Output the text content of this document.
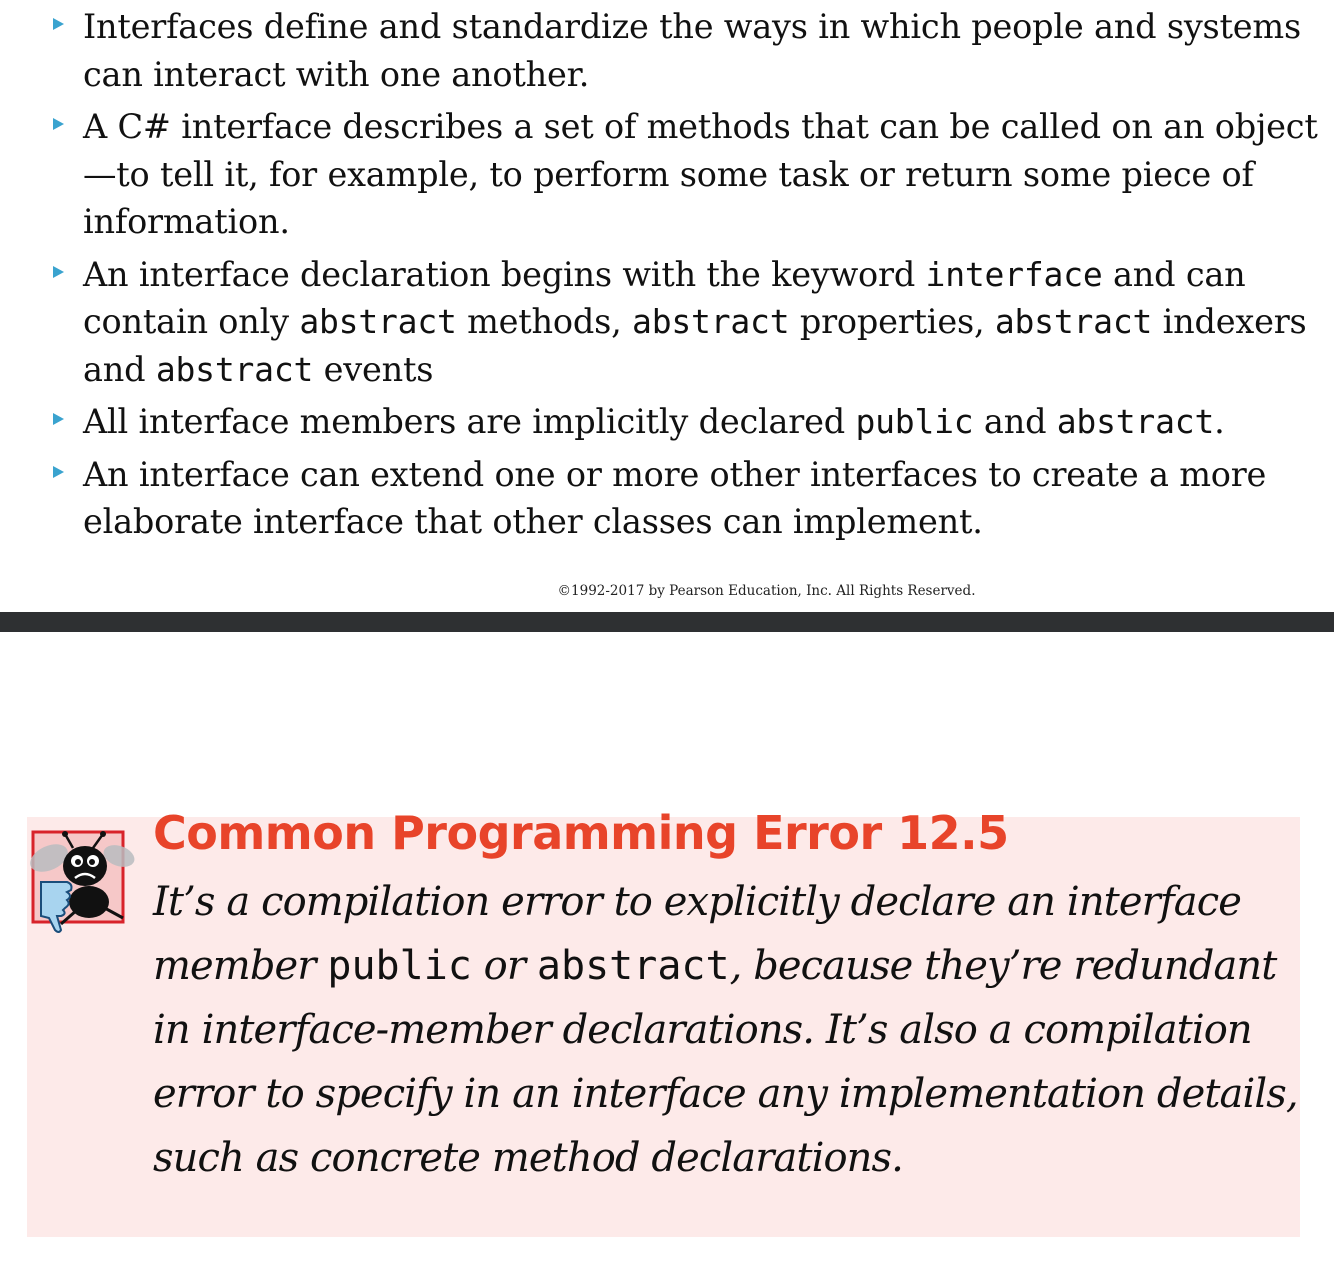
Interfaces define and standardize the ways in which people and systems can interact with one another.
A C# interface describes a set of methods that can be called on an object—to tell it, for example, to perform some task or return some piece of information.
An interface declaration begins with the keyword interface and can contain only abstract methods, abstract properties, abstract indexers and abstract events
All interface members are implicitly declared public and abstract.
An interface can extend one or more other interfaces to create a more elaborate interface that other classes can implement.
©1992-2017 by Pearson Education, Inc. All Rights Reserved.
Common Programming Error 12.5
It’s a compilation error to explicitly declare an interface member public or abstract, because they’re redundant in interface-member declarations. It’s also a compilation error to specify in an interface any implementation details, such as concrete method declarations.
